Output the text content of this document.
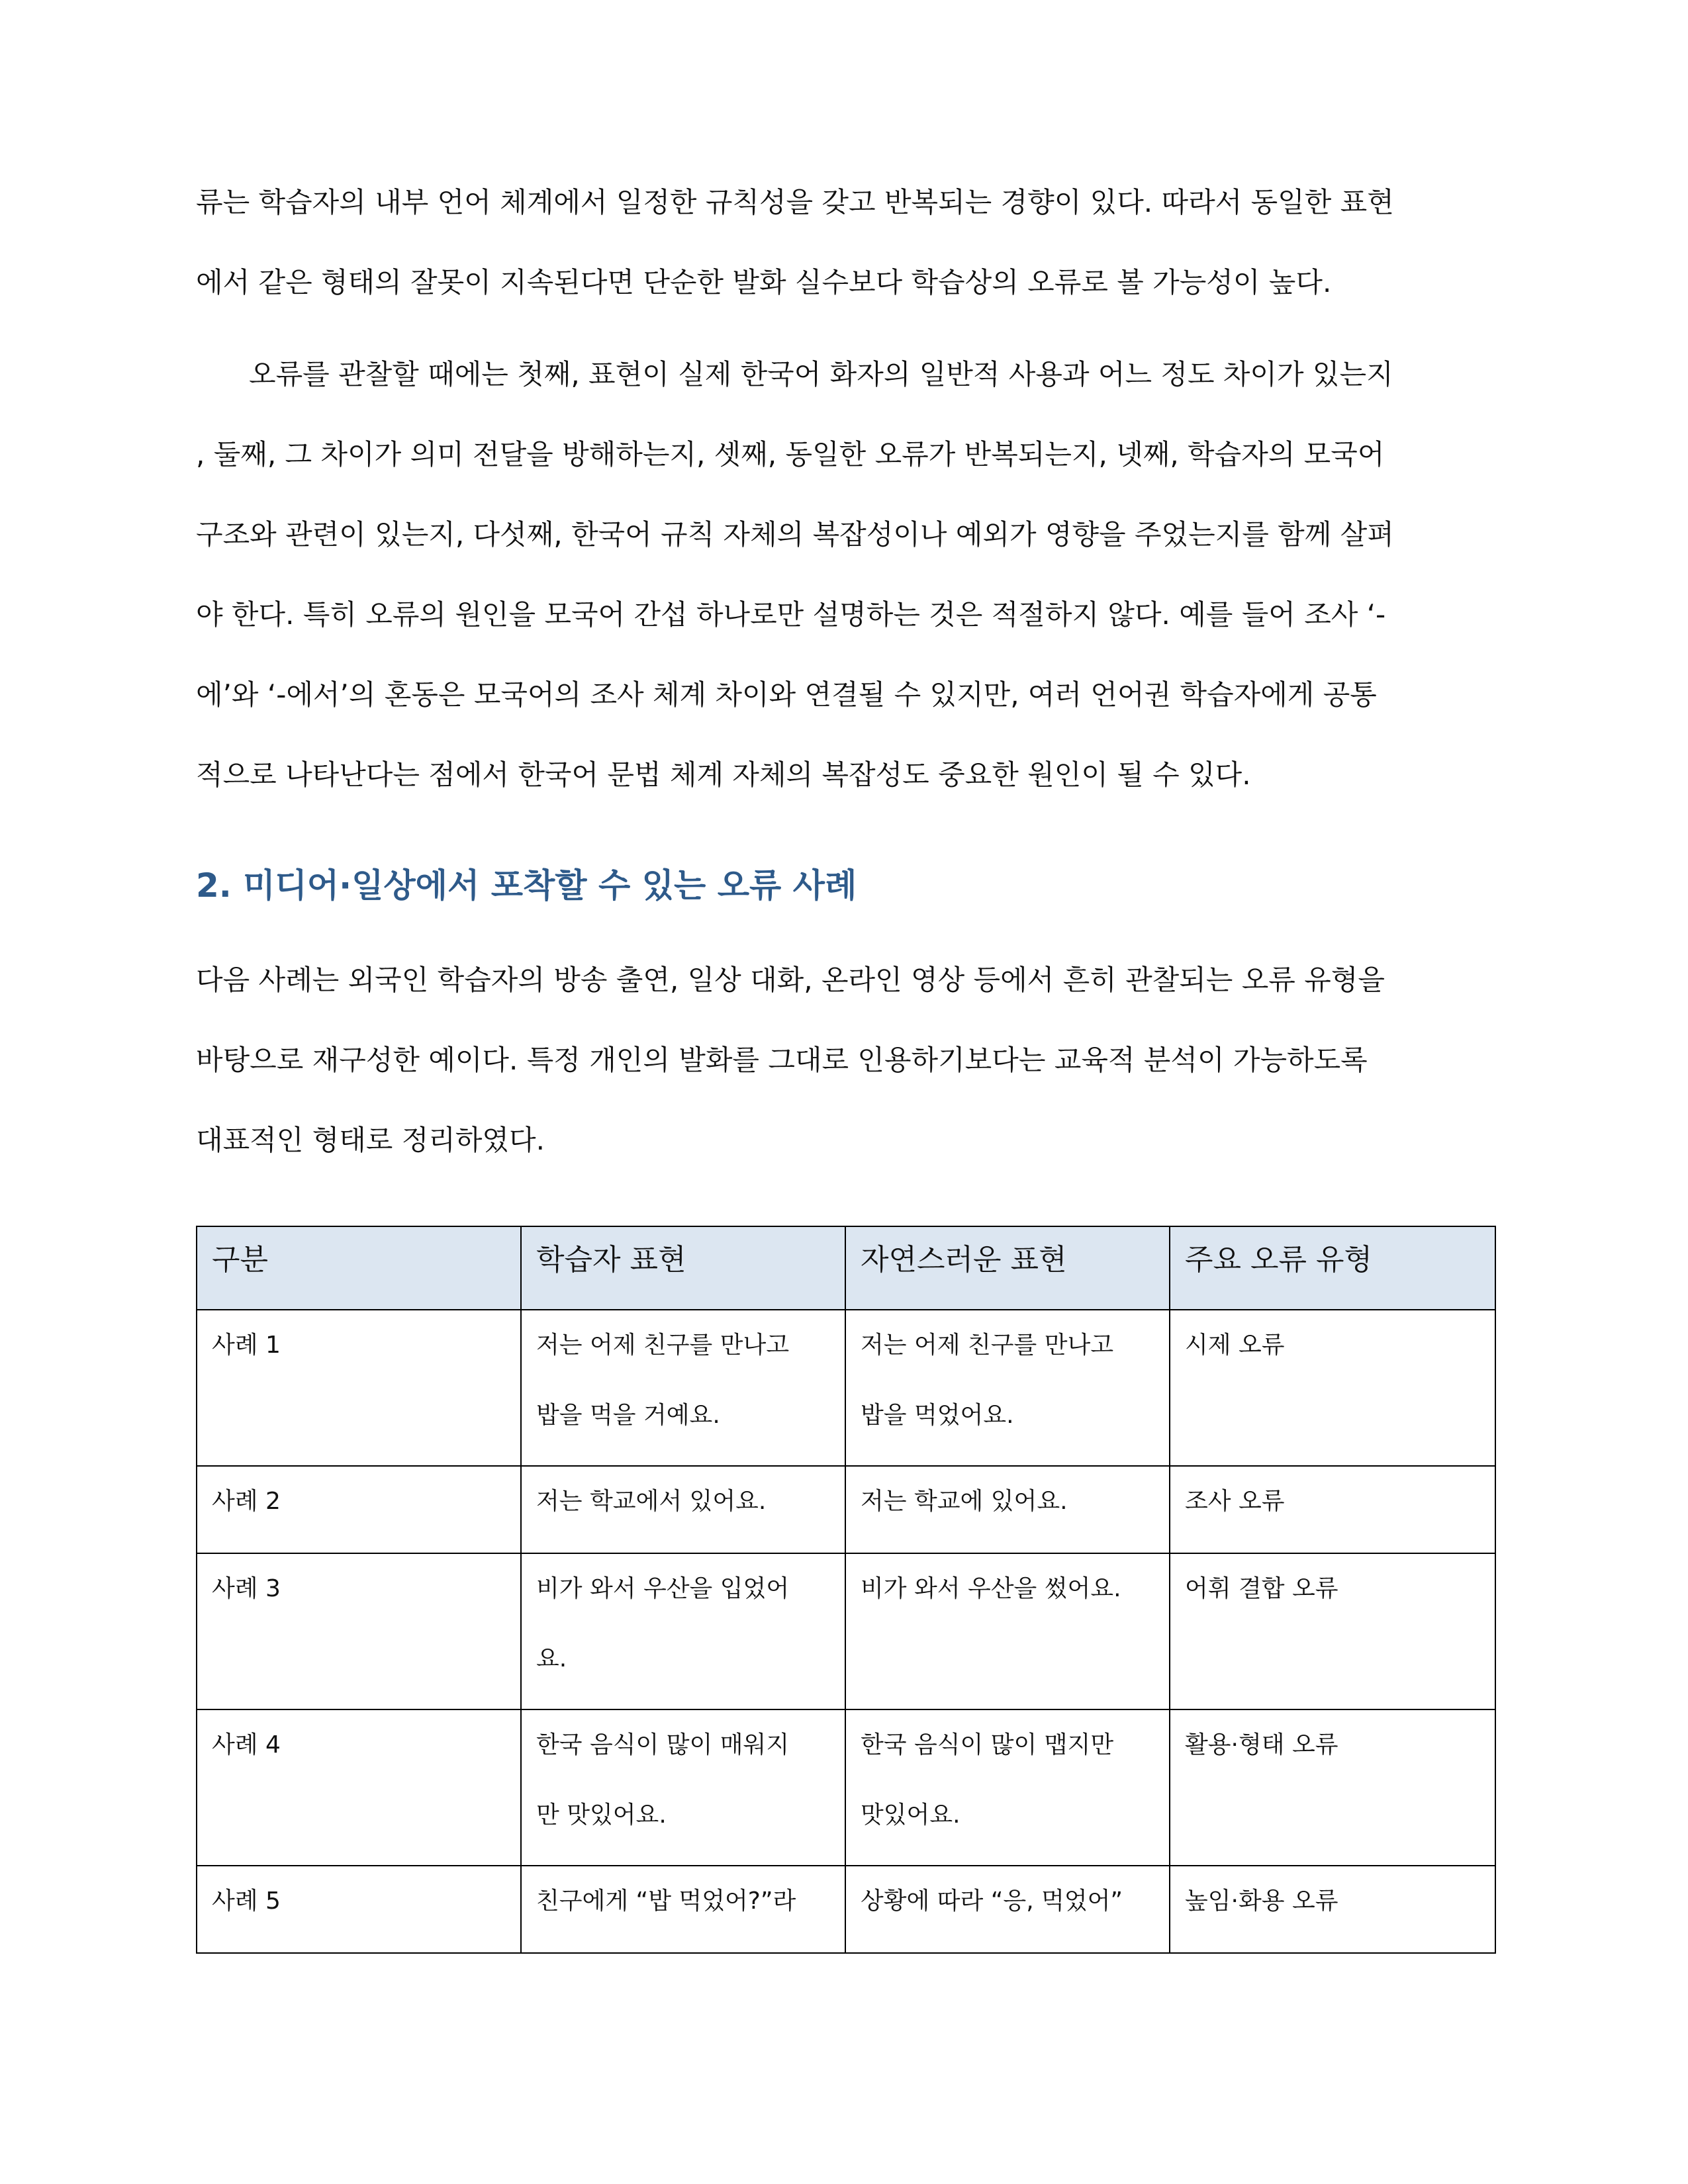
류는 학습자의 내부 언어 체계에서 일정한 규칙성을 갖고 반복되는 경향이 있다. 따라서 동일한 표현
에서 같은 형태의 잘못이 지속된다면 단순한 발화 실수보다 학습상의 오류로 볼 가능성이 높다.

오류를 관찰할 때에는 첫째, 표현이 실제 한국어 화자의 일반적 사용과 어느 정도 차이가 있는지
, 둘째, 그 차이가 의미 전달을 방해하는지, 셋째, 동일한 오류가 반복되는지, 넷째, 학습자의 모국어
구조와 관련이 있는지, 다섯째, 한국어 규칙 자체의 복잡성이나 예외가 영향을 주었는지를 함께 살펴
야 한다. 특히 오류의 원인을 모국어 간섭 하나로만 설명하는 것은 적절하지 않다. 예를 들어 조사 ‘-
에’와 ‘-에서’의 혼동은 모국어의 조사 체계 차이와 연결될 수 있지만, 여러 언어권 학습자에게 공통
적으로 나타난다는 점에서 한국어 문법 체계 자체의 복잡성도 중요한 원인이 될 수 있다.

2. 미디어·일상에서 포착할 수 있는 오류 사례

다음 사례는 외국인 학습자의 방송 출연, 일상 대화, 온라인 영상 등에서 흔히 관찰되는 오류 유형을
바탕으로 재구성한 예이다. 특정 개인의 발화를 그대로 인용하기보다는 교육적 분석이 가능하도록
대표적인 형태로 정리하였다.

구분	학습자 표현	자연스러운 표현	주요 오류 유형
사례 1	저는 어제 친구를 만나고
밥을 먹을 거예요.	저는 어제 친구를 만나고
밥을 먹었어요.	시제 오류
사례 2	저는 학교에서 있어요.	저는 학교에 있어요.	조사 오류
사례 3	비가 와서 우산을 입었어
요.	비가 와서 우산을 썼어요.	어휘 결합 오류
사례 4	한국 음식이 많이 매워지
만 맛있어요.	한국 음식이 많이 맵지만
맛있어요.	활용·형태 오류
사례 5	친구에게 “밥 먹었어?”라	상황에 따라 “응, 먹었어”	높임·화용 오류
